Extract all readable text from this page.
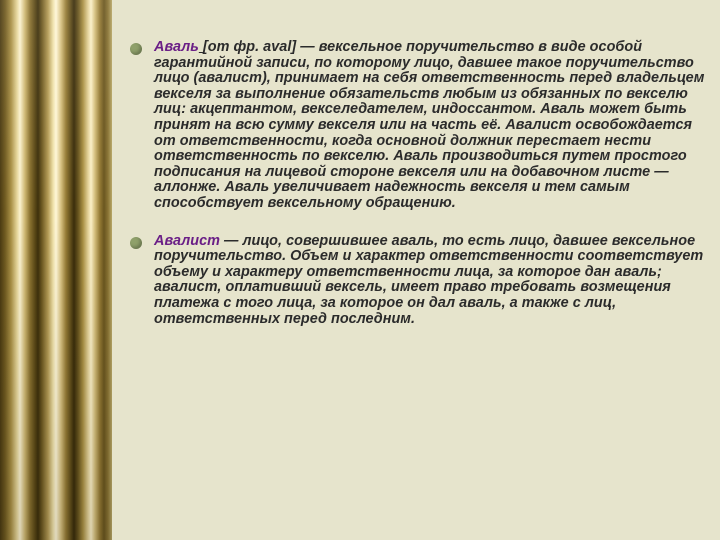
Аваль [от фр. aval] — вексельное поручительство в виде особой гарантийной записи, по которому лицо, давшее такое поручительство лицо (авалист), принимает на себя ответственность перед владельцем векселя за выполнение обязательств любым из обязанных по векселю лиц: акцептантом, векселедателем, индоссантом. Аваль может быть принят на всю сумму векселя или на часть её. Авалист освобождается от ответственности, когда основной должник перестает нести ответственность по векселю. Аваль производиться путем простого подписания на лицевой стороне векселя или на добавочном листе — аллонже. Аваль увеличивает надежность векселя и тем самым способствует вексельному обращению.
Авалист — лицо, совершившее аваль, то есть лицо, давшее вексельное поручительство. Объем и характер ответственности соответствует объему и характеру ответственности лица, за которое дан аваль; авалист, оплативший вексель, имеет право требовать возмещения платежа с того лица, за которое он дал аваль, а также с лиц, ответственных перед последним.
